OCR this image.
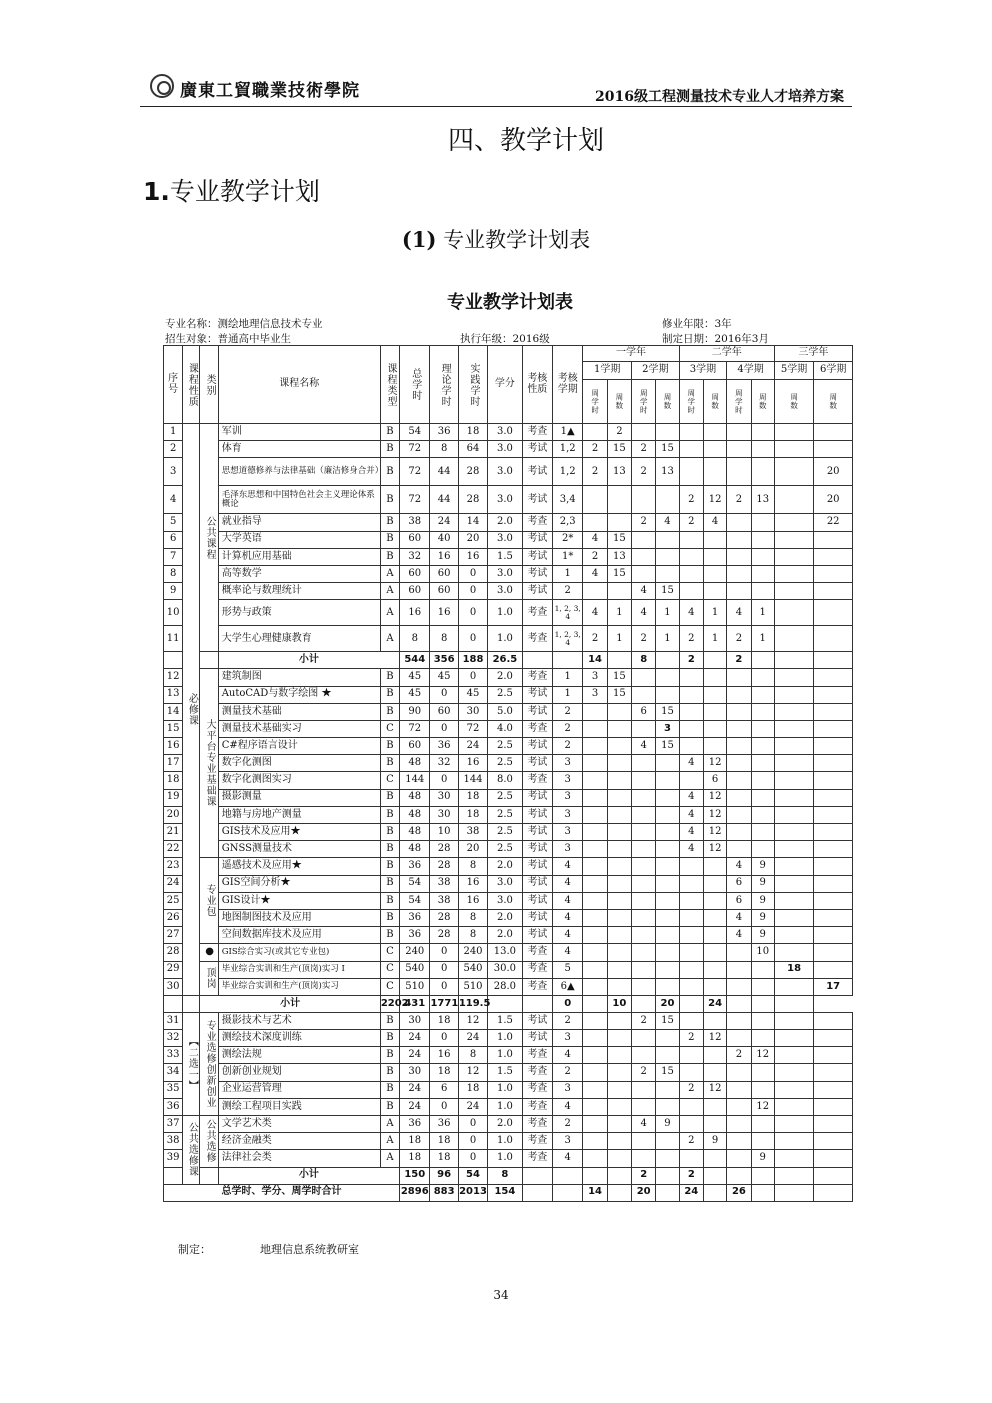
廣東工貿職業技術學院	2016级工程测量技术专业人才培养方案
四、教学计划
1.专业教学计划
(1) 专业教学计划表
专业教学计划表
专业名称：测绘地理信息技术专业	修业年限：3年
招生对象：普通高中毕业生	执行年级：2016级	制定日期：2016年3月
序号	课程性质	类别	课程名称	课程类型	总学时	理论学时	实践学时	学分	考核性质	考核学期	一学年				二学年				三学年	
											1学期		2学期		3学期		4学期		5学期	6学期
											周学时	周数	周学时	周数	周学时	周数	周学时	周数	周数	周数
1	必修课	公共课程	军训	B	54	36	18	3.0	考查	1▲		2								
2			体育	B	72	8	64	3.0	考试	1,2	2	15	2	15						
3			思想道德修养与法律基础（廉洁修身合并）	B	72	44	28	3.0	考试	1,2	2	13	2	13						20
4			毛泽东思想和中国特色社会主义理论体系概论	B	72	44	28	3.0	考试	3,4					2	12	2	13		20
5			就业指导	B	38	24	14	2.0	考查	2,3			2	4	2	4				22
6			大学英语	B	60	40	20	3.0	考试	2*	4	15								
7			计算机应用基础	B	32	16	16	1.5	考试	1*	2	13								
8			高等数学	A	60	60	0	3.0	考试	1	4	15								
9			概率论与数理统计	A	60	60	0	3.0	考试	2			4	15						
10			形势与政策	A	16	16	0	1.0	考查	1, 2, 3, 4	4	1	4	1	4	1	4	1		
11			大学生心理健康教育	A	8	8	0	1.0	考查	1, 2, 3, 4	2	1	2	1	2	1	2	1		
			小计		544	356	188	26.5			14		8		2		2			
12		大平台专业基础课	建筑制图	B	45	45	0	2.0	考查	1	3	15								
13			AutoCAD与数字绘图 ★	B	45	0	45	2.5	考试	1	3	15								
14			测量技术基础	B	90	60	30	5.0	考试	2			6	15						
15			测量技术基础实习	C	72	0	72	4.0	考查	2				3						
16			C#程序语言设计	B	60	36	24	2.5	考试	2			4	15						
17			数字化测图	B	48	32	16	2.5	考试	3					4	12				
18			数字化测图实习	C	144	0	144	8.0	考查	3						6				
19			摄影测量	B	48	30	18	2.5	考试	3					4	12				
20			地籍与房地产测量	B	48	30	18	2.5	考试	3					4	12				
21			GIS技术及应用★	B	48	10	38	2.5	考试	3					4	12				
22			GNSS测量技术	B	48	28	20	2.5	考试	3					4	12				
23		专业包	遥感技术及应用★	B	36	28	8	2.0	考试	4							4	9		
24			GIS空间分析★	B	54	38	16	3.0	考试	4							6	9		
25			GIS设计★	B	54	38	16	3.0	考试	4							6	9		
26			地图制图技术及应用	B	36	28	8	2.0	考试	4							4	9		
27			空间数据库技术及应用	B	36	28	8	2.0	考试	4							4	9		
28		●	GIS综合实习(或其它专业包)	C	240	0	240	13.0	考查	4								10		
29		顶岗	毕业综合实训和生产(顶岗)实习 I	C	540	0	540	30.0	考查	5									18	
30			毕业综合实训和生产(顶岗)实习	C	510	0	510	28.0	考查	6▲										17
		小计		2202	431	1771	119.5			0		10		20		24				
31	【二选一】	专业选修创新创业	摄影技术与艺术	B	30	18	12	1.5	考试	2			2	15						
32			测绘技术深度训练	B	24	0	24	1.0	考试	3					2	12				
33			测绘法规	B	24	16	8	1.0	考查	4							2	12		
34			创新创业规划	B	30	18	12	1.5	考查	2			2	15						
35			企业运营管理	B	24	6	18	1.0	考查	3					2	12				
36			测绘工程项目实践	B	24	0	24	1.0	考查	4								12		
37	公共选修课	公共选修	文学艺术类	A	36	36	0	2.0	考查	2			4	9						
38			经济金融类	A	18	18	0	1.0	考查	3					2	9				
39			法律社会类	A	18	18	0	1.0	考查	4								9		
			小计		150	96	54	8					2		2					
总学时、学分、周学时合计					2896	883	2013	154			14		20		24		26			
制定：	地理信息系统教研室
34
